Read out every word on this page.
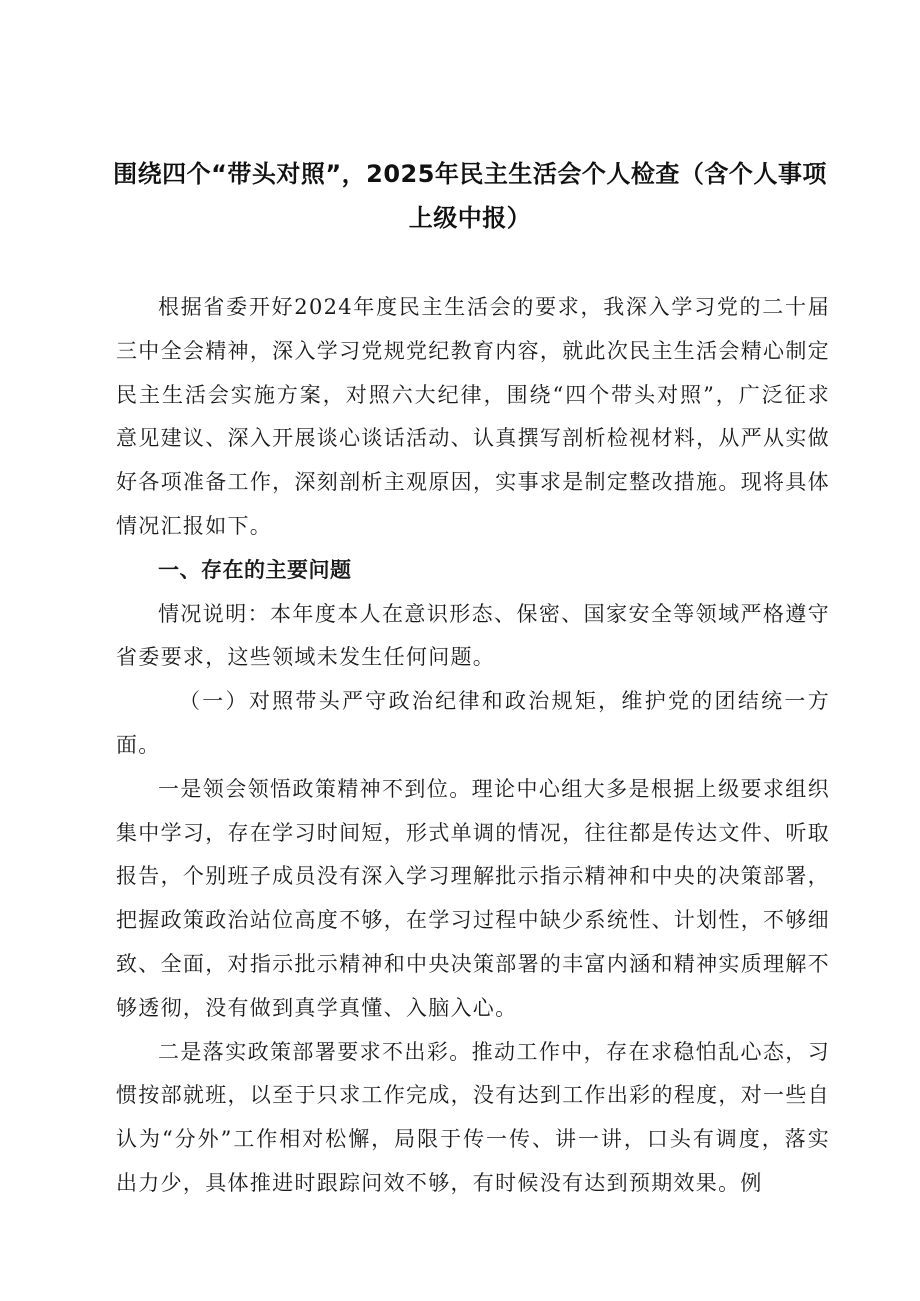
围绕四个“带头对照”，2025年民主生活会个人检查（含个人事项
上级中报）

根据省委开好2024年度民主生活会的要求，我深入学习党的二十届三中全会精神，深入学习党规党纪教育内容，就此次民主生活会精心制定民主生活会实施方案，对照六大纪律，围绕“四个带头对照”，广泛征求意见建议、深入开展谈心谈话活动、认真撰写剖析检视材料，从严从实做好各项准备工作，深刻剖析主观原因，实事求是制定整改措施。现将具体情况汇报如下。

一、存在的主要问题

情况说明：本年度本人在意识形态、保密、国家安全等领域严格遵守省委要求，这些领域未发生任何问题。

（一）对照带头严守政治纪律和政治规矩，维护党的团结统一方面。

一是领会领悟政策精神不到位。理论中心组大多是根据上级要求组织集中学习，存在学习时间短，形式单调的情况，往往都是传达文件、听取报告，个别班子成员没有深入学习理解批示指示精神和中央的决策部署，把握政策政治站位高度不够，在学习过程中缺少系统性、计划性，不够细致、全面，对指示批示精神和中央决策部署的丰富内涵和精神实质理解不够透彻，没有做到真学真懂、入脑入心。

二是落实政策部署要求不出彩。推动工作中，存在求稳怕乱心态，习惯按部就班，以至于只求工作完成，没有达到工作出彩的程度，对一些自认为“分外”工作相对松懈，局限于传一传、讲一讲，口头有调度，落实出力少，具体推进时跟踪问效不够，有时候没有达到预期效果。例
